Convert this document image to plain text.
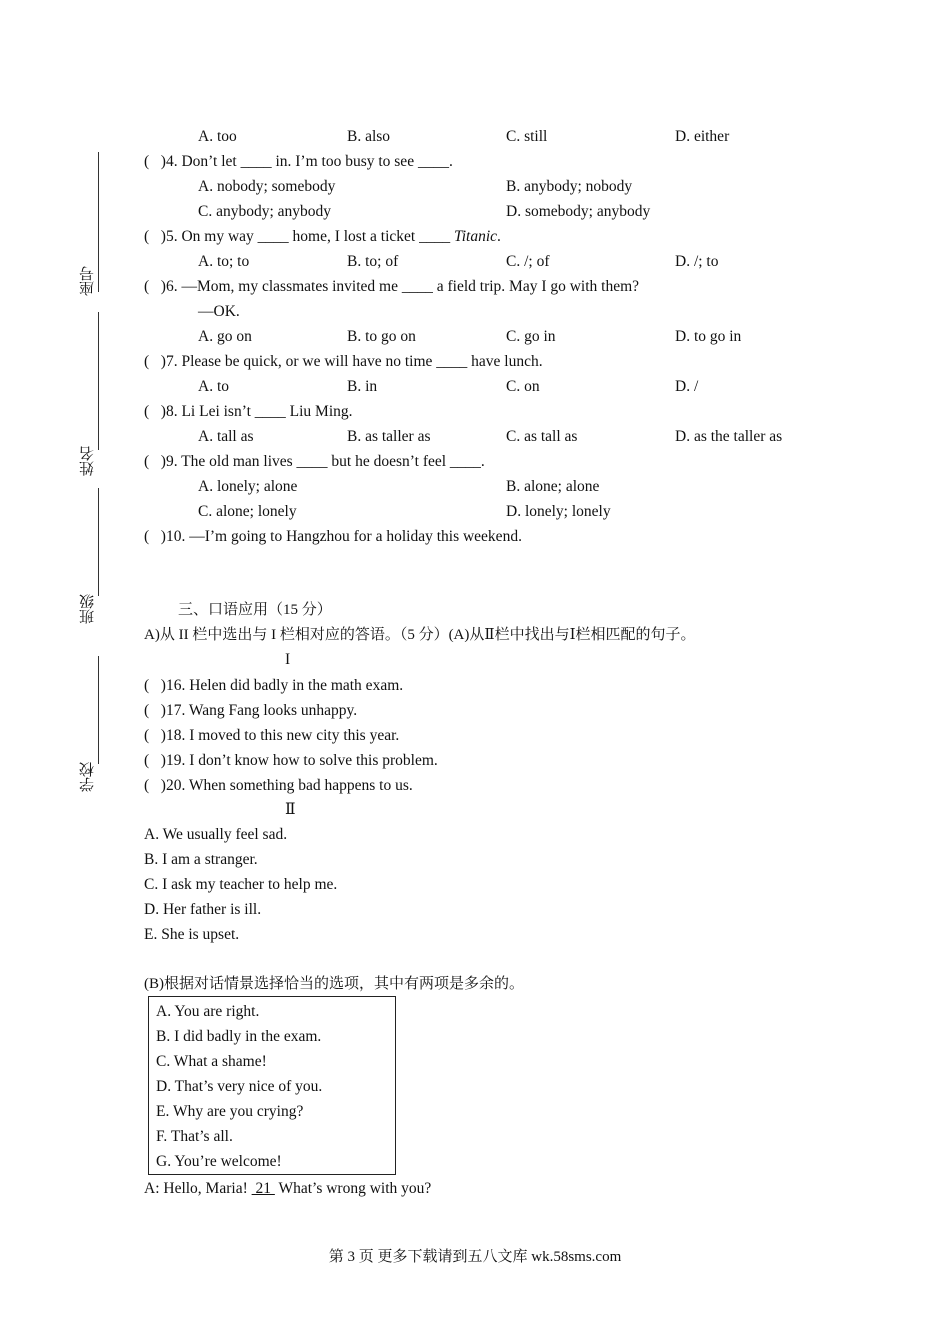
座号
姓名
班级
学校
A. too	B. also	C. still	D. either
(  )4. Don’t let ____ in. I’m too busy to see ____.
A. nobody; somebody	B. anybody; nobody
C. anybody; anybody	D. somebody; anybody
(  )5. On my way ____ home, I lost a ticket ____ Titanic.
A. to; to	B. to; of	C. /; of	D. /; to
(  )6. —Mom, my classmates invited me ____ a field trip. May I go with them?
—OK.
A. go on	B. to go on	C. go in	D. to go in
(  )7. Please be quick, or we will have no time ____ have lunch.
A. to	B. in	C. on	D. /
(  )8. Li Lei isn’t ____ Liu Ming.
A. tall as	B. as taller as	C. as tall as	D. as the taller as
(  )9. The old man lives ____ but he doesn’t feel ____.
A. lonely; alone	B. alone; alone
C. alone; lonely	D. lonely; lonely
(  )10. —I’m going to Hangzhou for a holiday this weekend.
三、口语应用（15 分）
A)从 II 栏中选出与 I 栏相对应的答语。（5 分）(A)从Ⅱ栏中找出与Ⅰ栏相匹配的句子。
I
(  )16. Helen did badly in the math exam.
(  )17. Wang Fang looks unhappy.
(  )18. I moved to this new city this year.
(  )19. I don’t know how to solve this problem.
(  )20. When something bad happens to us.
Ⅱ
A. We usually feel sad.
B. I am a stranger.
C. I ask my teacher to help me.
D. Her father is ill.
E. She is upset.
(B)根据对话情景选择恰当的选项，其中有两项是多余的。
A. You are right.
B. I did badly in the exam.
C. What a shame!
D. That’s very nice of you.
E. Why are you crying?
F. That’s all.
G. You’re welcome!
A: Hello, Maria!  21  What’s wrong with you?
第 3 页 更多下载请到五八文库 wk.58sms.com
